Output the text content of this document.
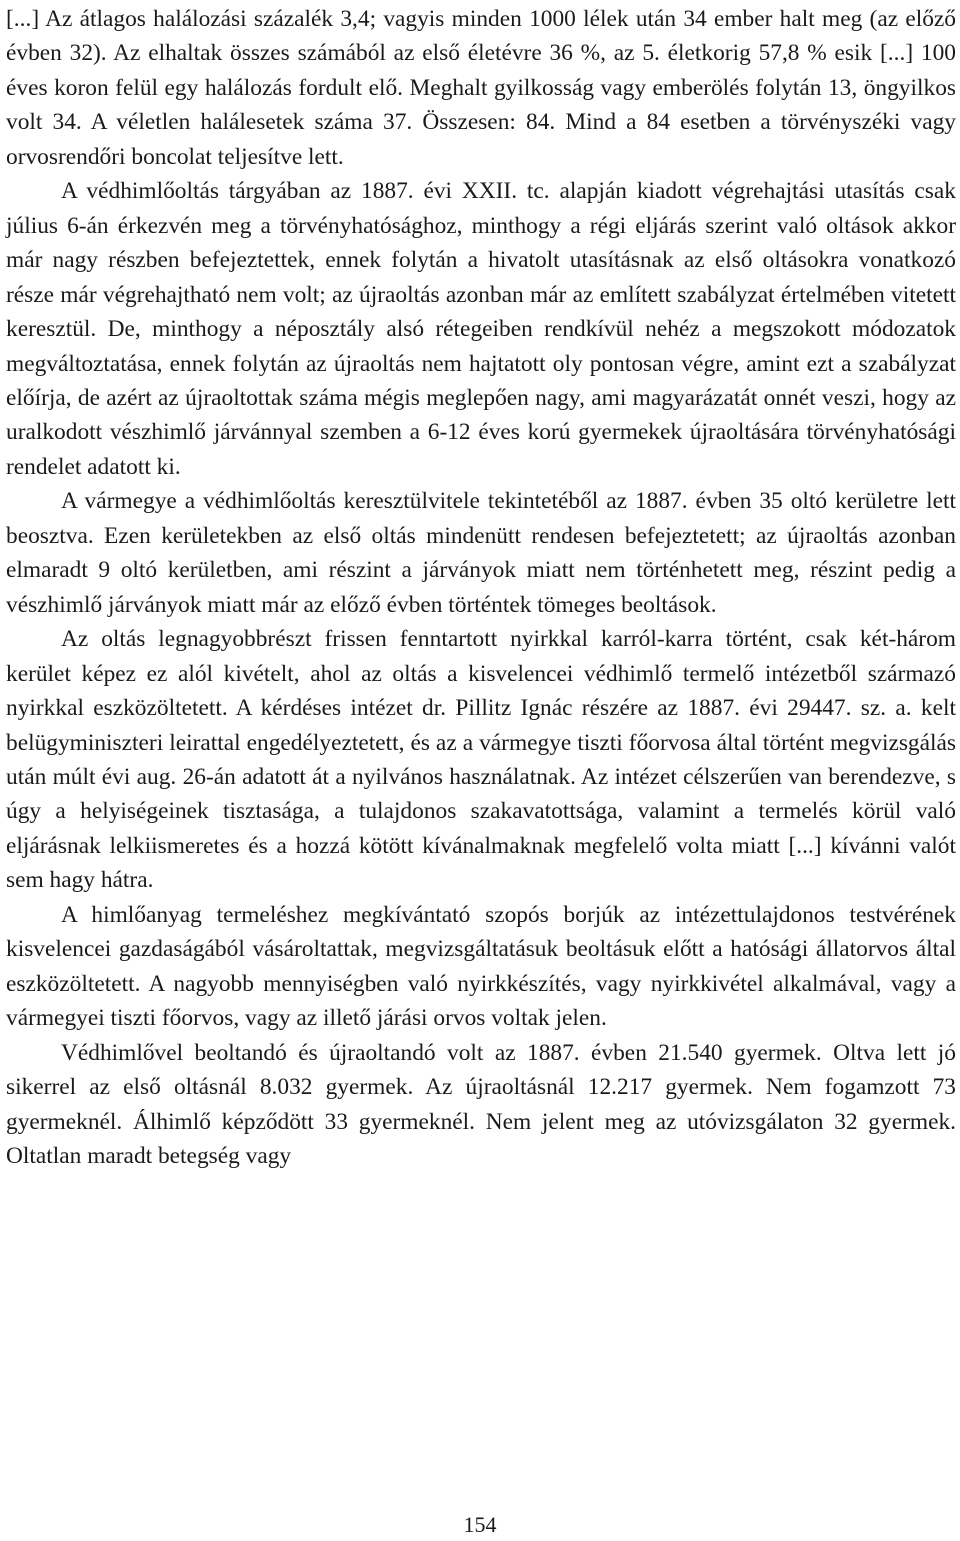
[...] Az átlagos halálozási százalék 3,4; vagyis minden 1000 lélek után 34 ember halt meg (az előző évben 32). Az elhaltak összes számából az első életévre 36 %, az 5. életkorig 57,8 % esik [...] 100 éves koron felül egy halálozás fordult elő. Meghalt gyilkosság vagy emberölés folytán 13, öngyilkos volt 34. A véletlen halálesetek száma 37. Összesen: 84. Mind a 84 esetben a törvényszéki vagy orvosrendőri boncolat teljesítve lett.

A védhimlőoltás tárgyában az 1887. évi XXII. tc. alapján kiadott végrehajtási utasítás csak július 6-án érkezvén meg a törvényhatósághoz, minthogy a régi eljárás szerint való oltások akkor már nagy részben befejeztettek, ennek folytán a hivatolt utasításnak az első oltásokra vonatkozó része már végrehajtható nem volt; az újraoltás azonban már az említett szabályzat értelmében vitetett keresztül. De, minthogy a néposztály alsó rétegeiben rendkívül nehéz a megszokott módozatok megváltoztatása, ennek folytán az újraoltás nem hajtatott oly pontosan végre, amint ezt a szabályzat előírja, de azért az újraoltottak száma mégis meglepően nagy, ami magyarázatát onnét veszi, hogy az uralkodott vészhimlő járvánnyal szemben a 6-12 éves korú gyermekek újraoltására törvényhatósági rendelet adatott ki.

A vármegye a védhimlőoltás keresztülvitele tekintetéből az 1887. évben 35 oltó kerületre lett beosztva. Ezen kerületekben az első oltás mindenütt rendesen befejeztetett; az újraoltás azonban elmaradt 9 oltó kerületben, ami részint a járványok miatt nem történhetett meg, részint pedig a vészhimlő járványok miatt már az előző évben történtek tömeges beoltások.

Az oltás legnagyobbrészt frissen fenntartott nyirkkal karról-karra történt, csak két-három kerület képez ez alól kivételt, ahol az oltás a kisvelencei védhimlő termelő intézetből származó nyirkkal eszközöltetett. A kérdéses intézet dr. Pillitz Ignác részére az 1887. évi 29447. sz. a. kelt belügyminiszteri leirattal engedélyeztetett, és az a vármegye tiszti főorvosa által történt megvizsgálás után múlt évi aug. 26-án adatott át a nyilvános használatnak. Az intézet célszerűen van berendezve, s úgy a helyiségeinek tisztasága, a tulajdonos szakavatottsága, valamint a termelés körül való eljárásnak lelkiismeretes és a hozzá kötött kívánalmaknak megfelelő volta miatt [...] kívánni valót sem hagy hátra.

A himlőanyag termeléshez megkívántató szopós borjúk az intézettulajdonos testvérének kisvelencei gazdaságából vásároltattak, megvizsgáltatásuk beoltásuk előtt a hatósági állatorvos által eszközöltetett. A nagyobb mennyiségben való nyirkkészítés, vagy nyirkkivétel alkalmával, vagy a vármegyei tiszti főorvos, vagy az illető járási orvos voltak jelen.

Védhimlővel beoltandó és újraoltandó volt az 1887. évben 21.540 gyermek. Oltva lett jó sikerrel az első oltásnál 8.032 gyermek. Az újraoltásnál 12.217 gyermek. Nem fogamzott 73 gyermeknél. Álhimlő képződött 33 gyermeknél. Nem jelent meg az utóvizsgálaton 32 gyermek. Oltatlan maradt betegség vagy

154
